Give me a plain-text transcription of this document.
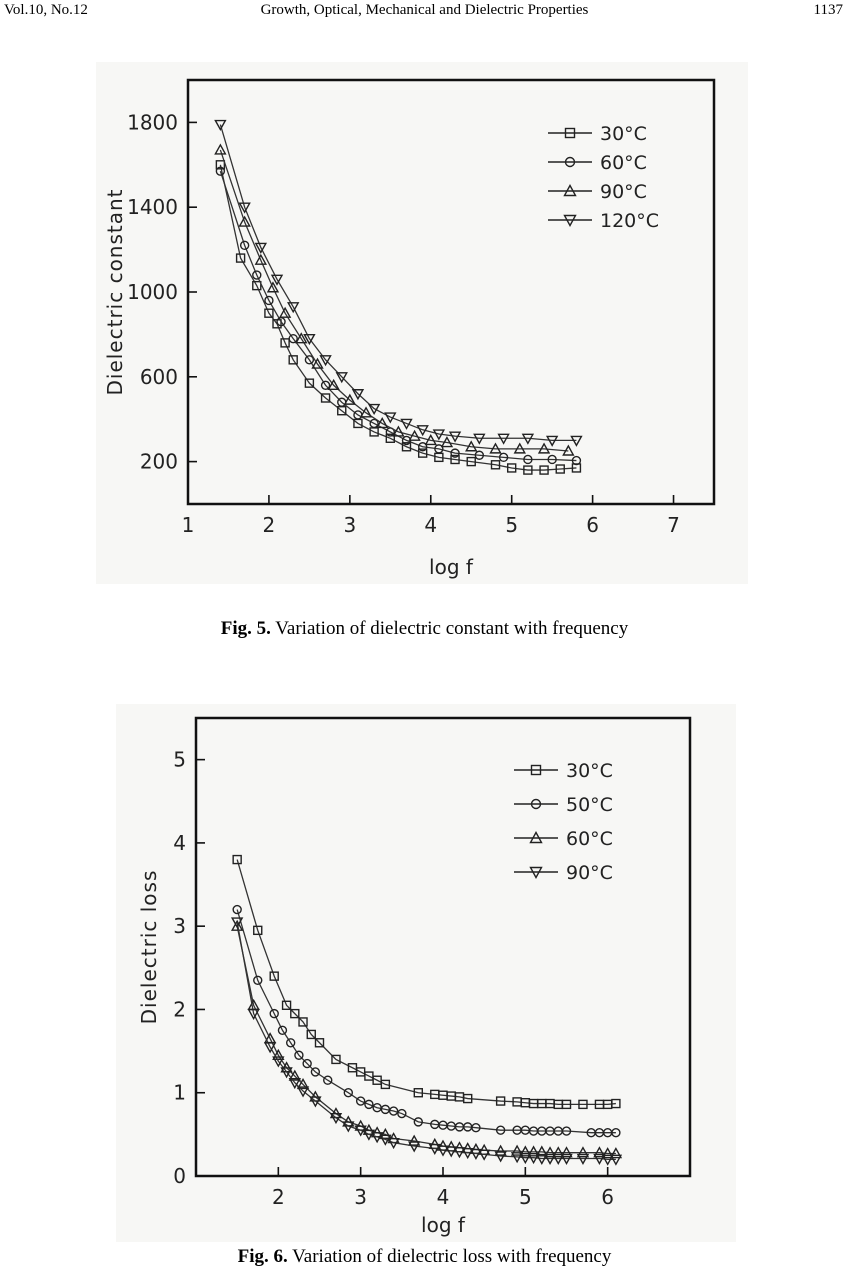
Vol.10, No.12	Growth, Optical, Mechanical and Dielectric Properties	1137
1	2	3	4	5	6	7
200
600
1000
1400
1800
log f
Dielectric constant
30°C
60°C
90°C
120°C
Fig. 5. Variation of dielectric constant with frequency
2	3	4	5	6
0
1
2
3
4
5
log f
Dielectric loss
30°C
50°C
60°C
90°C
Fig. 6. Variation of dielectric loss with frequency
